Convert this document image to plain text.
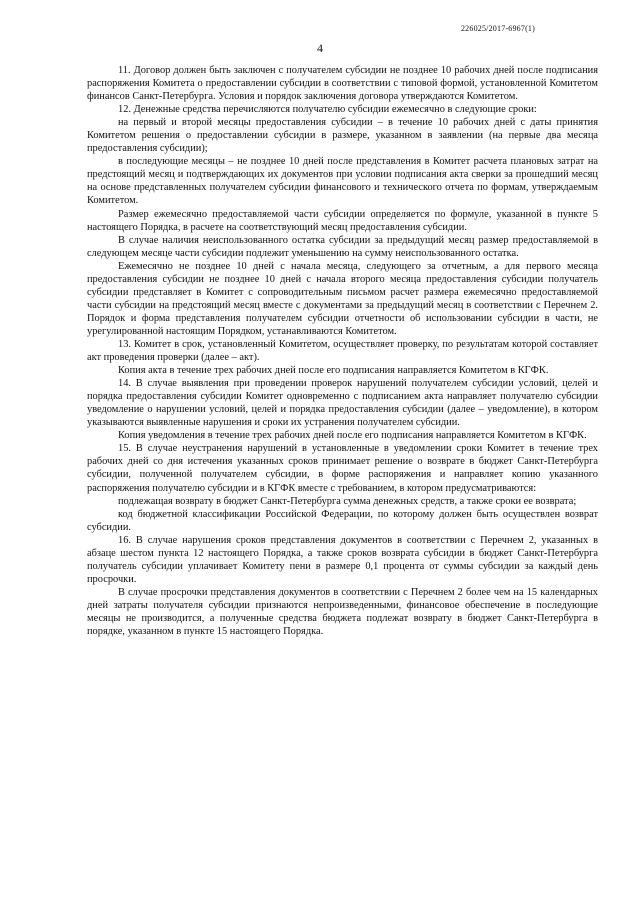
226025/2017-6967(1)
4

11. Договор должен быть заключен с получателем субсидии не позднее 10 рабочих дней после подписания распоряжения Комитета о предоставлении субсидии в соответствии с типовой формой, установленной Комитетом финансов Санкт-Петербурга. Условия и порядок заключения договора утверждаются Комитетом.

12. Денежные средства перечисляются получателю субсидии ежемесячно в следующие сроки:

на первый и второй месяцы предоставления субсидии – в течение 10 рабочих дней с даты принятия Комитетом решения о предоставлении субсидии в размере, указанном в заявлении (на первые два месяца предоставления субсидии);

в последующие месяцы – не позднее 10 дней после представления в Комитет расчета плановых затрат на предстоящий месяц и подтверждающих их документов при условии подписания акта сверки за прошедший месяц на основе представленных получателем субсидии финансового и технического отчета по формам, утверждаемым Комитетом.

Размер ежемесячно предоставляемой части субсидии определяется по формуле, указанной в пункте 5 настоящего Порядка, в расчете на соответствующий месяц предоставления субсидии.

В случае наличия неиспользованного остатка субсидии за предыдущий месяц размер предоставляемой в следующем месяце части субсидии подлежит уменьшению на сумму неиспользованного остатка.

Ежемесячно не позднее 10 дней с начала месяца, следующего за отчетным, а для первого месяца предоставления субсидии не позднее 10 дней с начала второго месяца предоставления субсидии получатель субсидии представляет в Комитет с сопроводительным письмом расчет размера ежемесячно предоставляемой части субсидии на предстоящий месяц вместе с документами за предыдущий месяц в соответствии с Перечнем 2. Порядок и форма представления получателем субсидии отчетности об использовании субсидии в части, не урегулированной настоящим Порядком, устанавливаются Комитетом.

13. Комитет в срок, установленный Комитетом, осуществляет проверку, по результатам которой составляет акт проведения проверки (далее – акт).

Копия акта в течение трех рабочих дней после его подписания направляется Комитетом в КГФК.

14. В случае выявления при проведении проверок нарушений получателем субсидии условий, целей и порядка предоставления субсидии Комитет одновременно с подписанием акта направляет получателю субсидии уведомление о нарушении условий, целей и порядка предоставления субсидии (далее – уведомление), в котором указываются выявленные нарушения и сроки их устранения получателем субсидии.

Копия уведомления в течение трех рабочих дней после его подписания направляется Комитетом в КГФК.

15. В случае неустранения нарушений в установленные в уведомлении сроки Комитет в течение трех рабочих дней со дня истечения указанных сроков принимает решение о возврате в бюджет Санкт-Петербурга субсидии, полученной получателем субсидии, в форме распоряжения и направляет копию указанного распоряжения получателю субсидии и в КГФК вместе с требованием, в котором предусматриваются:

подлежащая возврату в бюджет Санкт-Петербурга сумма денежных средств, а также сроки ее возврата;

код бюджетной классификации Российской Федерации, по которому должен быть осуществлен возврат субсидии.

16. В случае нарушения сроков представления документов в соответствии с Перечнем 2, указанных в абзаце шестом пункта 12 настоящего Порядка, а также сроков возврата субсидии в бюджет Санкт-Петербурга получатель субсидии уплачивает Комитету пени в размере 0,1 процента от суммы субсидии за каждый день просрочки.

В случае просрочки представления документов в соответствии с Перечнем 2 более чем на 15 календарных дней затраты получателя субсидии признаются непроизведенными, финансовое обеспечение в последующие месяцы не производится, а полученные средства бюджета подлежат возврату в бюджет Санкт-Петербурга в порядке, указанном в пункте 15 настоящего Порядка.
